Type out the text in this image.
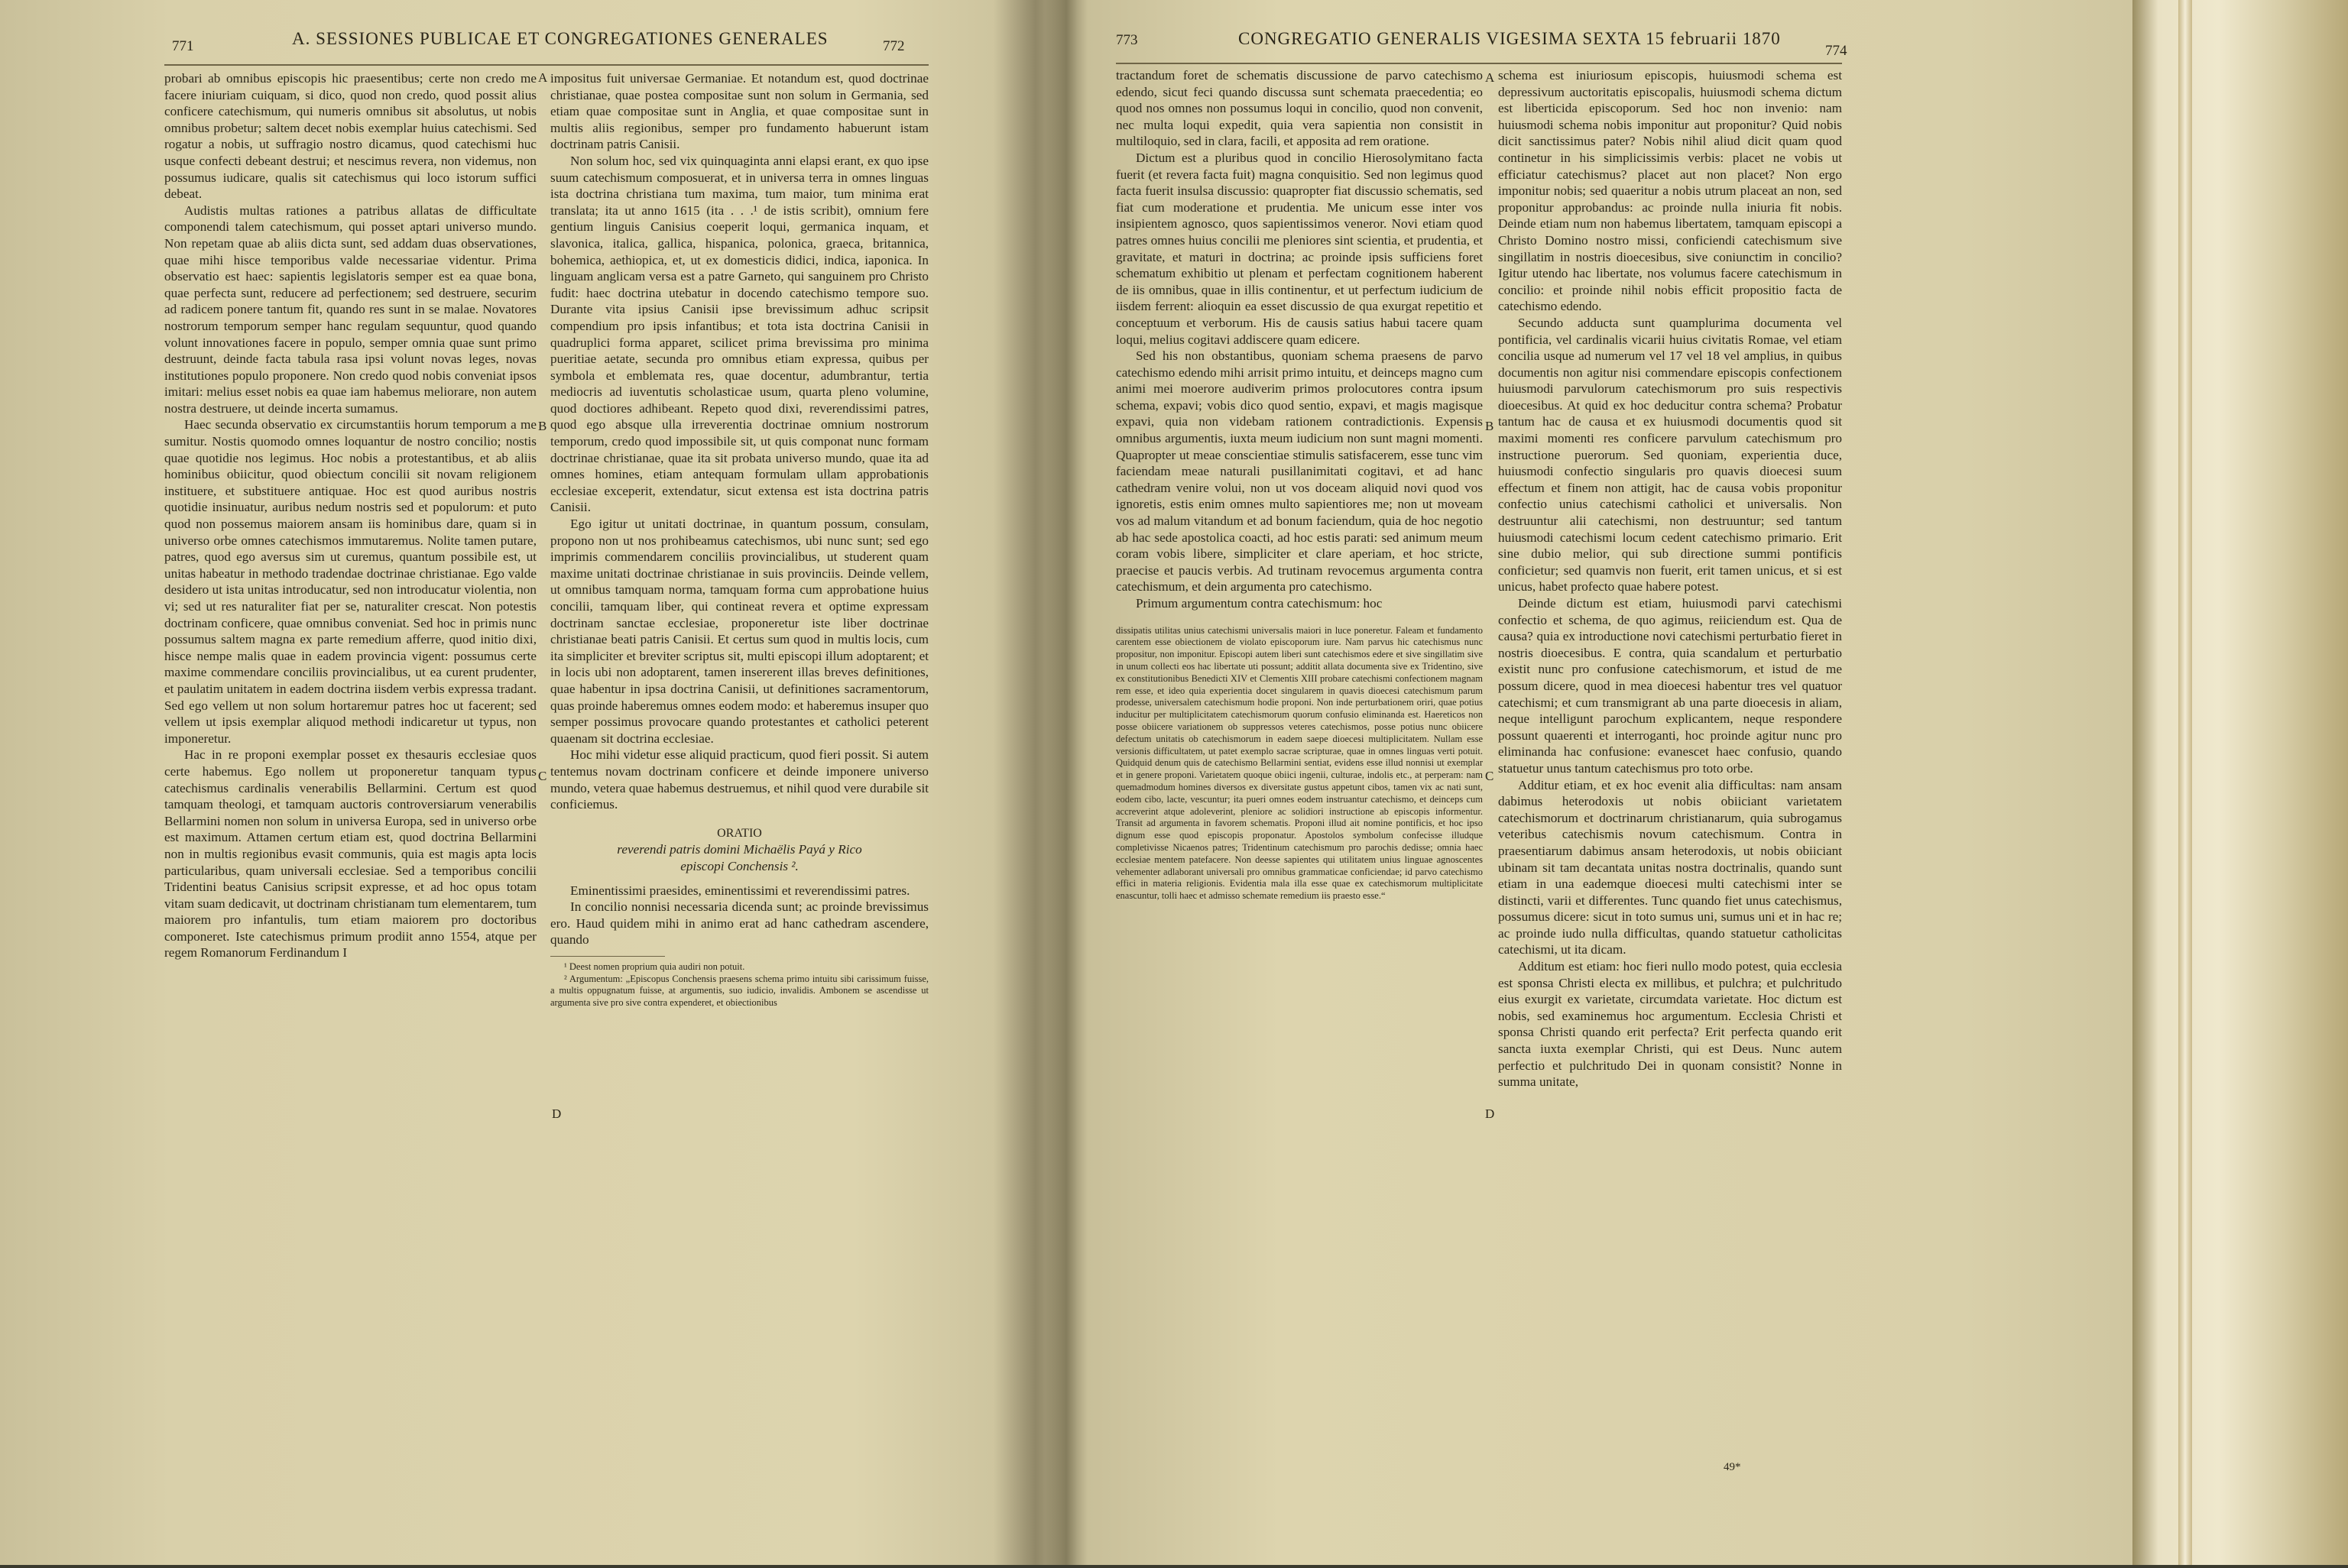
771	A. SESSIONES PUBLICAE ET CONGREGATIONES GENERALES	772

probari ab omnibus episcopis hic praesentibus; certe non credo me facere iniuriam cuiquam, si dico, quod non credo, quod possit alius conficere catechismum, qui numeris omnibus sit absolutus, ut nobis omnibus probetur; saltem decet nobis exemplar huius catechismi. Sed rogatur a nobis, ut suffragio nostro dicamus, quod catechismi huc usque confecti debeant destrui; et nescimus revera, non videmus, non possumus iudicare, qualis sit catechismus qui loco istorum suffici debeat.

Audistis multas rationes a patribus allatas de difficultate componendi talem catechismum, qui posset aptari universo mundo. Non repetam quae ab aliis dicta sunt, sed addam duas observationes, quae mihi hisce temporibus valde necessariae videntur. Prima observatio est haec: sapientis legislatoris semper est ea quae bona, quae perfecta sunt, reducere ad perfectionem; sed destruere, securim ad radicem ponere tantum fit, quando res sunt in se malae. Novatores nostrorum temporum semper hanc regulam sequuntur, quod quando volunt innovationes facere in populo, semper omnia quae sunt primo destruunt, deinde facta tabula rasa ipsi volunt novas leges, novas institutiones populo proponere. Non credo quod nobis conveniat ipsos imitari: melius esset nobis ea quae iam habemus meliorare, non autem nostra destruere, ut deinde incerta sumamus.

Haec secunda observatio ex circumstantiis horum temporum a me sumitur. Nostis quomodo omnes loquantur de nostro concilio; nostis quae quotidie nos legimus. Hoc nobis a protestantibus, et ab aliis hominibus obiicitur, quod obiectum concilii sit novam religionem instituere, et substituere antiquae. Hoc est quod auribus nostris quotidie insinuatur, auribus nedum nostris sed et populorum: et puto quod non possemus maiorem ansam iis hominibus dare, quam si in universo orbe omnes catechismos immutaremus. Nolite tamen putare, patres, quod ego aversus sim ut curemus, quantum possibile est, ut unitas habeatur in methodo tradendae doctrinae christianae. Ego valde desidero ut ista unitas introducatur, sed non introducatur violentia, non vi; sed ut res naturaliter fiat per se, naturaliter crescat. Non potestis doctrinam conficere, quae omnibus conveniat. Sed hoc in primis nunc possumus saltem magna ex parte remedium afferre, quod initio dixi, hisce nempe malis quae in eadem provincia vigent: possumus certe maxime commendare conciliis provincialibus, ut ea curent prudenter, et paulatim unitatem in eadem doctrina iisdem verbis expressa tradant. Sed ego vellem ut non solum hortaremur patres hoc ut facerent; sed vellem ut ipsis exemplar aliquod methodi indicaretur ut typus, non imponeretur.

Hac in re proponi exemplar posset ex thesauris ecclesiae quos certe habemus. Ego nollem ut proponeretur tanquam typus catechismus cardinalis venerabilis Bellarmini. Certum est quod tamquam theologi, et tamquam auctoris controversiarum venerabilis Bellarmini nomen non solum in universa Europa, sed in universo orbe est maximum. Attamen certum etiam est, quod doctrina Bellarmini non in multis regionibus evasit communis, quia est magis apta locis particularibus, quam universali ecclesiae. Sed a temporibus concilii Tridentini beatus Canisius scripsit expresse, et ad hoc opus totam vitam suam dedicavit, ut doctrinam christianam tum elementarem, tum maiorem pro infantulis, tum etiam maiorem pro doctoribus componeret. Iste catechismus primum prodiit anno 1554, atque per regem Romanorum Ferdinandum I

A
B
C
D

impositus fuit universae Germaniae. Et notandum est, quod doctrinae christianae, quae postea compositae sunt non solum in Germania, sed etiam quae compositae sunt in Anglia, et quae compositae sunt in multis aliis regionibus, semper pro fundamento habuerunt istam doctrinam patris Canisii.

Non solum hoc, sed vix quinquaginta anni elapsi erant, ex quo ipse suum catechismum composuerat, et in universa terra in omnes linguas ista doctrina christiana tum maxima, tum maior, tum minima erat translata; ita ut anno 1615 (ita . . .¹ de istis scribit), omnium fere gentium linguis Canisius coeperit loqui, germanica inquam, et slavonica, italica, gallica, hispanica, polonica, graeca, britannica, bohemica, aethiopica, et, ut ex domesticis didici, indica, iaponica. In linguam anglicam versa est a patre Garneto, qui sanguinem pro Christo fudit: haec doctrina utebatur in docendo catechismo tempore suo. Durante vita ipsius Canisii ipse brevissimum adhuc scripsit compendium pro ipsis infantibus; et tota ista doctrina Canisii in quadruplici forma apparet, scilicet prima brevissima pro minima pueritiae aetate, secunda pro omnibus etiam expressa, quibus per symbola et emblemata res, quae docentur, adumbrantur, tertia mediocris ad iuventutis scholasticae usum, quarta pleno volumine, quod doctiores adhibeant. Repeto quod dixi, reverendissimi patres, quod ego absque ulla irreverentia doctrinae omnium nostrorum temporum, credo quod impossibile sit, ut quis componat nunc formam doctrinae christianae, quae ita sit probata universo mundo, quae ita ad omnes homines, etiam antequam formulam ullam approbationis ecclesiae exceperit, extendatur, sicut extensa est ista doctrina patris Canisii.

Ego igitur ut unitati doctrinae, in quantum possum, consulam, propono non ut nos prohibeamus catechismos, ubi nunc sunt; sed ego imprimis commendarem conciliis provincialibus, ut studerent quam maxime unitati doctrinae christianae in suis provinciis. Deinde vellem, ut omnibus tamquam norma, tamquam forma cum approbatione huius concilii, tamquam liber, qui contineat revera et optime expressam doctrinam sanctae ecclesiae, proponeretur iste liber doctrinae christianae beati patris Canisii. Et certus sum quod in multis locis, cum ita simpliciter et breviter scriptus sit, multi episcopi illum adoptarent; et in locis ubi non adoptarent, tamen insererent illas breves definitiones, quae habentur in ipsa doctrina Canisii, ut definitiones sacramentorum, quas proinde haberemus omnes eodem modo: et haberemus insuper quo semper possimus provocare quando protestantes et catholici peterent quaenam sit doctrina ecclesiae.

Hoc mihi videtur esse aliquid practicum, quod fieri possit. Si autem tentemus novam doctrinam conficere et deinde imponere universo mundo, vetera quae habemus destruemus, et nihil quod vere durabile sit conficiemus.

ORATIO

reverendi patris domini Michaëlis Payá y Rico

episcopi Conchensis ².

Eminentissimi praesides, eminentissimi et reverendissimi patres.

In concilio nonnisi necessaria dicenda sunt; ac proinde brevissimus ero. Haud quidem mihi in animo erat ad hanc cathedram ascendere, quando

¹ Deest nomen proprium quia audiri non potuit.

² Argumentum: „Episcopus Conchensis praesens schema primo intuitu sibi carissimum fuisse, a multis oppugnatum fuisse, at argumentis, suo iudicio, invalidis. Ambonem se ascendisse ut argumenta sive pro sive contra expenderet, et obiectionibus

773	CONGREGATIO GENERALIS VIGESIMA SEXTA 15 februarii 1870
774

tractandum foret de schematis discussione de parvo catechismo edendo, sicut feci quando discussa sunt schemata praecedentia; eo quod nos omnes non possumus loqui in concilio, quod non convenit, nec multa loqui expedit, quia vera sapientia non consistit in multiloquio, sed in clara, facili, et apposita ad rem oratione.

Dictum est a pluribus quod in concilio Hierosolymitano facta fuerit (et revera facta fuit) magna conquisitio. Sed non legimus quod facta fuerit insulsa discussio: quapropter fiat discussio schematis, sed fiat cum moderatione et prudentia. Me unicum esse inter vos insipientem agnosco, quos sapientissimos veneror. Novi etiam quod patres omnes huius concilii me pleniores sint scientia, et prudentia, et gravitate, et maturi in doctrina; ac proinde ipsis sufficiens foret schematum exhibitio ut plenam et perfectam cognitionem haberent de iis omnibus, quae in illis continentur, et ut perfectum iudicium de iisdem ferrent: alioquin ea esset discussio de qua exurgat repetitio et conceptuum et verborum. His de causis satius habui tacere quam loqui, melius cogitavi addiscere quam edicere.

Sed his non obstantibus, quoniam schema praesens de parvo catechismo edendo mihi arrisit primo intuitu, et deinceps magno cum animi mei moerore audiverim primos prolocutores contra ipsum schema, expavi; vobis dico quod sentio, expavi, et magis magisque expavi, quia non videbam rationem contradictionis. Expensis omnibus argumentis, iuxta meum iudicium non sunt magni momenti. Quapropter ut meae conscientiae stimulis satisfacerem, esse tunc vim faciendam meae naturali pusillanimitati cogitavi, et ad hanc cathedram venire volui, non ut vos doceam aliquid novi quod vos ignoretis, estis enim omnes multo sapientiores me; non ut moveam vos ad malum vitandum et ad bonum faciendum, quia de hoc negotio ab hac sede apostolica coacti, ad hoc estis parati: sed animum meum coram vobis libere, simpliciter et clare aperiam, et hoc stricte, praecise et paucis verbis. Ad trutinam revocemus argumenta contra catechismum, et dein argumenta pro catechismo.

Primum argumentum contra catechismum: hoc

dissipatis utilitas unius catechismi universalis maiori in luce poneretur. Faleam et fundamento carentem esse obiectionem de violato episcoporum iure. Nam parvus hic catechismus nunc propositur, non imponitur. Episcopi autem liberi sunt catechismos edere et sive singillatim sive in unum collecti eos hac libertate uti possunt; additit allata documenta sive ex Tridentino, sive ex constitutionibus Benedicti XIV et Clementis XIII probare catechismi confectionem magnam rem esse, et ideo quia experientia docet singularem in quavis dioecesi catechismum parum prodesse, universalem catechismum hodie proponi. Non inde perturbationem oriri, quae potius inducitur per multiplicitatem catechismorum quorum confusio eliminanda est. Haereticos non posse obiicere variationem ob suppressos veteres catechismos, posse potius nunc obiicere defectum unitatis ob catechismorum in eadem saepe dioecesi multiplicitatem. Nullam esse versionis difficultatem, ut patet exemplo sacrae scripturae, quae in omnes linguas verti potuit. Quidquid denum quis de catechismo Bellarmini sentiat, evidens esse illud nonnisi ut exemplar et in genere proponi. Varietatem quoque obiici ingenii, culturae, indolis etc., at perperam: nam quemadmodum homines diversos ex diversitate gustus appetunt cibos, tamen vix ac nati sunt, eodem cibo, lacte, vescuntur; ita pueri omnes eodem instruantur catechismo, et deinceps cum accreverint atque adoleverint, pleniore ac solidiori instructione ab episcopis informentur. Transit ad argumenta in favorem schematis. Proponi illud ait nomine pontificis, et hoc ipso dignum esse quod episcopis proponatur. Apostolos symbolum confecisse illudque completivisse Nicaenos patres; Tridentinum catechismum pro parochis dedisse; omnia haec ecclesiae mentem patefacere. Non deesse sapientes qui utilitatem unius linguae agnoscentes vehementer adlaborant universali pro omnibus grammaticae conficiendae; id parvo catechismo effici in materia religionis. Evidentia mala illa esse quae ex catechismorum multiplicitate enascuntur, tolli haec et admisso schemate remedium iis praesto esse.“

A
B
C
D

schema est iniuriosum episcopis, huiusmodi schema est depressivum auctoritatis episcopalis, huiusmodi schema dictum est liberticida episcoporum. Sed hoc non invenio: nam huiusmodi schema nobis imponitur aut proponitur? Quid nobis dicit sanctissimus pater? Nobis nihil aliud dicit quam quod continetur in his simplicissimis verbis: placet ne vobis ut efficiatur catechismus? placet aut non placet? Non ergo imponitur nobis; sed quaeritur a nobis utrum placeat an non, sed proponitur approbandus: ac proinde nulla iniuria fit nobis. Deinde etiam num non habemus libertatem, tamquam episcopi a Christo Domino nostro missi, conficiendi catechismum sive singillatim in nostris dioecesibus, sive coniunctim in concilio? Igitur utendo hac libertate, nos volumus facere catechismum in concilio: et proinde nihil nobis efficit propositio facta de catechismo edendo.

Secundo adducta sunt quamplurima documenta vel pontificia, vel cardinalis vicarii huius civitatis Romae, vel etiam concilia usque ad numerum vel 17 vel 18 vel amplius, in quibus documentis non agitur nisi commendare episcopis confectionem huiusmodi parvulorum catechismorum pro suis respectivis dioecesibus. At quid ex hoc deducitur contra schema? Probatur tantum hac de causa et ex huiusmodi documentis quod sit maximi momenti res conficere parvulum catechismum pro instructione puerorum. Sed quoniam, experientia duce, huiusmodi confectio singularis pro quavis dioecesi suum effectum et finem non attigit, hac de causa vobis proponitur confectio unius catechismi catholici et universalis. Non destruuntur alii catechismi, non destruuntur; sed tantum huiusmodi catechismi locum cedent catechismo primario. Erit sine dubio melior, qui sub directione summi pontificis conficietur; sed quamvis non fuerit, erit tamen unicus, et si est unicus, habet profecto quae habere potest.

Deinde dictum est etiam, huiusmodi parvi catechismi confectio et schema, de quo agimus, reiiciendum est. Qua de causa? quia ex introductione novi catechismi perturbatio fieret in nostris dioecesibus. E contra, quia scandalum et perturbatio existit nunc pro confusione catechismorum, et istud de me possum dicere, quod in mea dioecesi habentur tres vel quatuor catechismi; et cum transmigrant ab una parte dioecesis in aliam, neque intelligunt parochum explicantem, neque respondere possunt quaerenti et interroganti, hoc proinde agitur nunc pro eliminanda hac confusione: evanescet haec confusio, quando statuetur unus tantum catechismus pro toto orbe.

Additur etiam, et ex hoc evenit alia difficultas: nam ansam dabimus heterodoxis ut nobis obiiciant varietatem catechismorum et doctrinarum christianarum, quia subrogamus veteribus catechismis novum catechismum. Contra in praesentiarum dabimus ansam heterodoxis, ut nobis obiiciant ubinam sit tam decantata unitas nostra doctrinalis, quando sunt etiam in una eademque dioecesi multi catechismi inter se distincti, varii et differentes. Tunc quando fiet unus catechismus, possumus dicere: sicut in toto sumus uni, sumus uni et in hac re; ac proinde iudo nulla difficultas, quando statuetur catholicitas catechismi, ut ita dicam.

Additum est etiam: hoc fieri nullo modo potest, quia ecclesia est sponsa Christi electa ex millibus, et pulchra; et pulchritudo eius exurgit ex varietate, circumdata varietate. Hoc dictum est nobis, sed examinemus hoc argumentum. Ecclesia Christi et sponsa Christi quando erit perfecta? Erit perfecta quando erit sancta iuxta exemplar Christi, qui est Deus. Nunc autem perfectio et pulchritudo Dei in quonam consistit? Nonne in summa unitate,

49*
